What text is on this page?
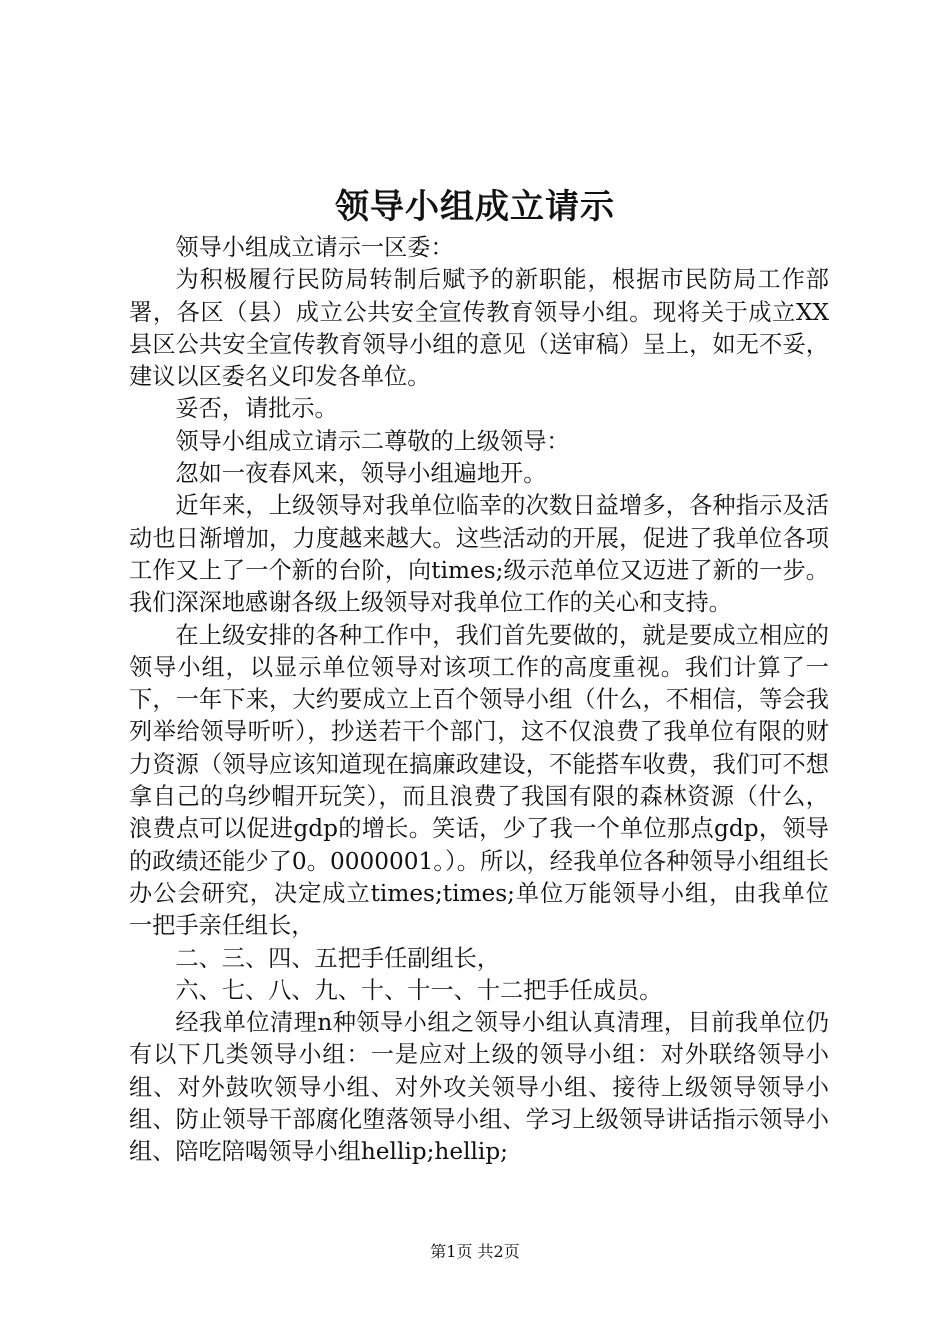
领导小组成立请示

领导小组成立请示一区委：

为积极履行民防局转制后赋予的新职能，根据市民防局工作部署，各区（县）成立公共安全宣传教育领导小组。现将关于成立XX县区公共安全宣传教育领导小组的意见（送审稿）呈上，如无不妥，建议以区委名义印发各单位。

妥否，请批示。

领导小组成立请示二尊敬的上级领导：

忽如一夜春风来，领导小组遍地开。

近年来，上级领导对我单位临幸的次数日益增多，各种指示及活动也日渐增加，力度越来越大。这些活动的开展，促进了我单位各项工作又上了一个新的台阶，向times;级示范单位又迈进了新的一步。我们深深地感谢各级上级领导对我单位工作的关心和支持。

在上级安排的各种工作中，我们首先要做的，就是要成立相应的领导小组，以显示单位领导对该项工作的高度重视。我们计算了一下，一年下来，大约要成立上百个领导小组（什么，不相信，等会我列举给领导听听），抄送若干个部门，这不仅浪费了我单位有限的财力资源（领导应该知道现在搞廉政建设，不能搭车收费，我们可不想拿自己的乌纱帽开玩笑），而且浪费了我国有限的森林资源（什么，浪费点可以促进gdp的增长。笑话，少了我一个单位那点gdp，领导的政绩还能少了0。0000001。）。所以，经我单位各种领导小组组长办公会研究，决定成立times;times;单位万能领导小组，由我单位一把手亲任组长，

二、三、四、五把手任副组长，

六、七、八、九、十、十一、十二把手任成员。

经我单位清理n种领导小组之领导小组认真清理，目前我单位仍有以下几类领导小组：一是应对上级的领导小组：对外联络领导小组、对外鼓吹领导小组、对外攻关领导小组、接待上级领导领导小组、防止领导干部腐化堕落领导小组、学习上级领导讲话指示领导小组、陪吃陪喝领导小组hellip;hellip;

第1页 共2页
